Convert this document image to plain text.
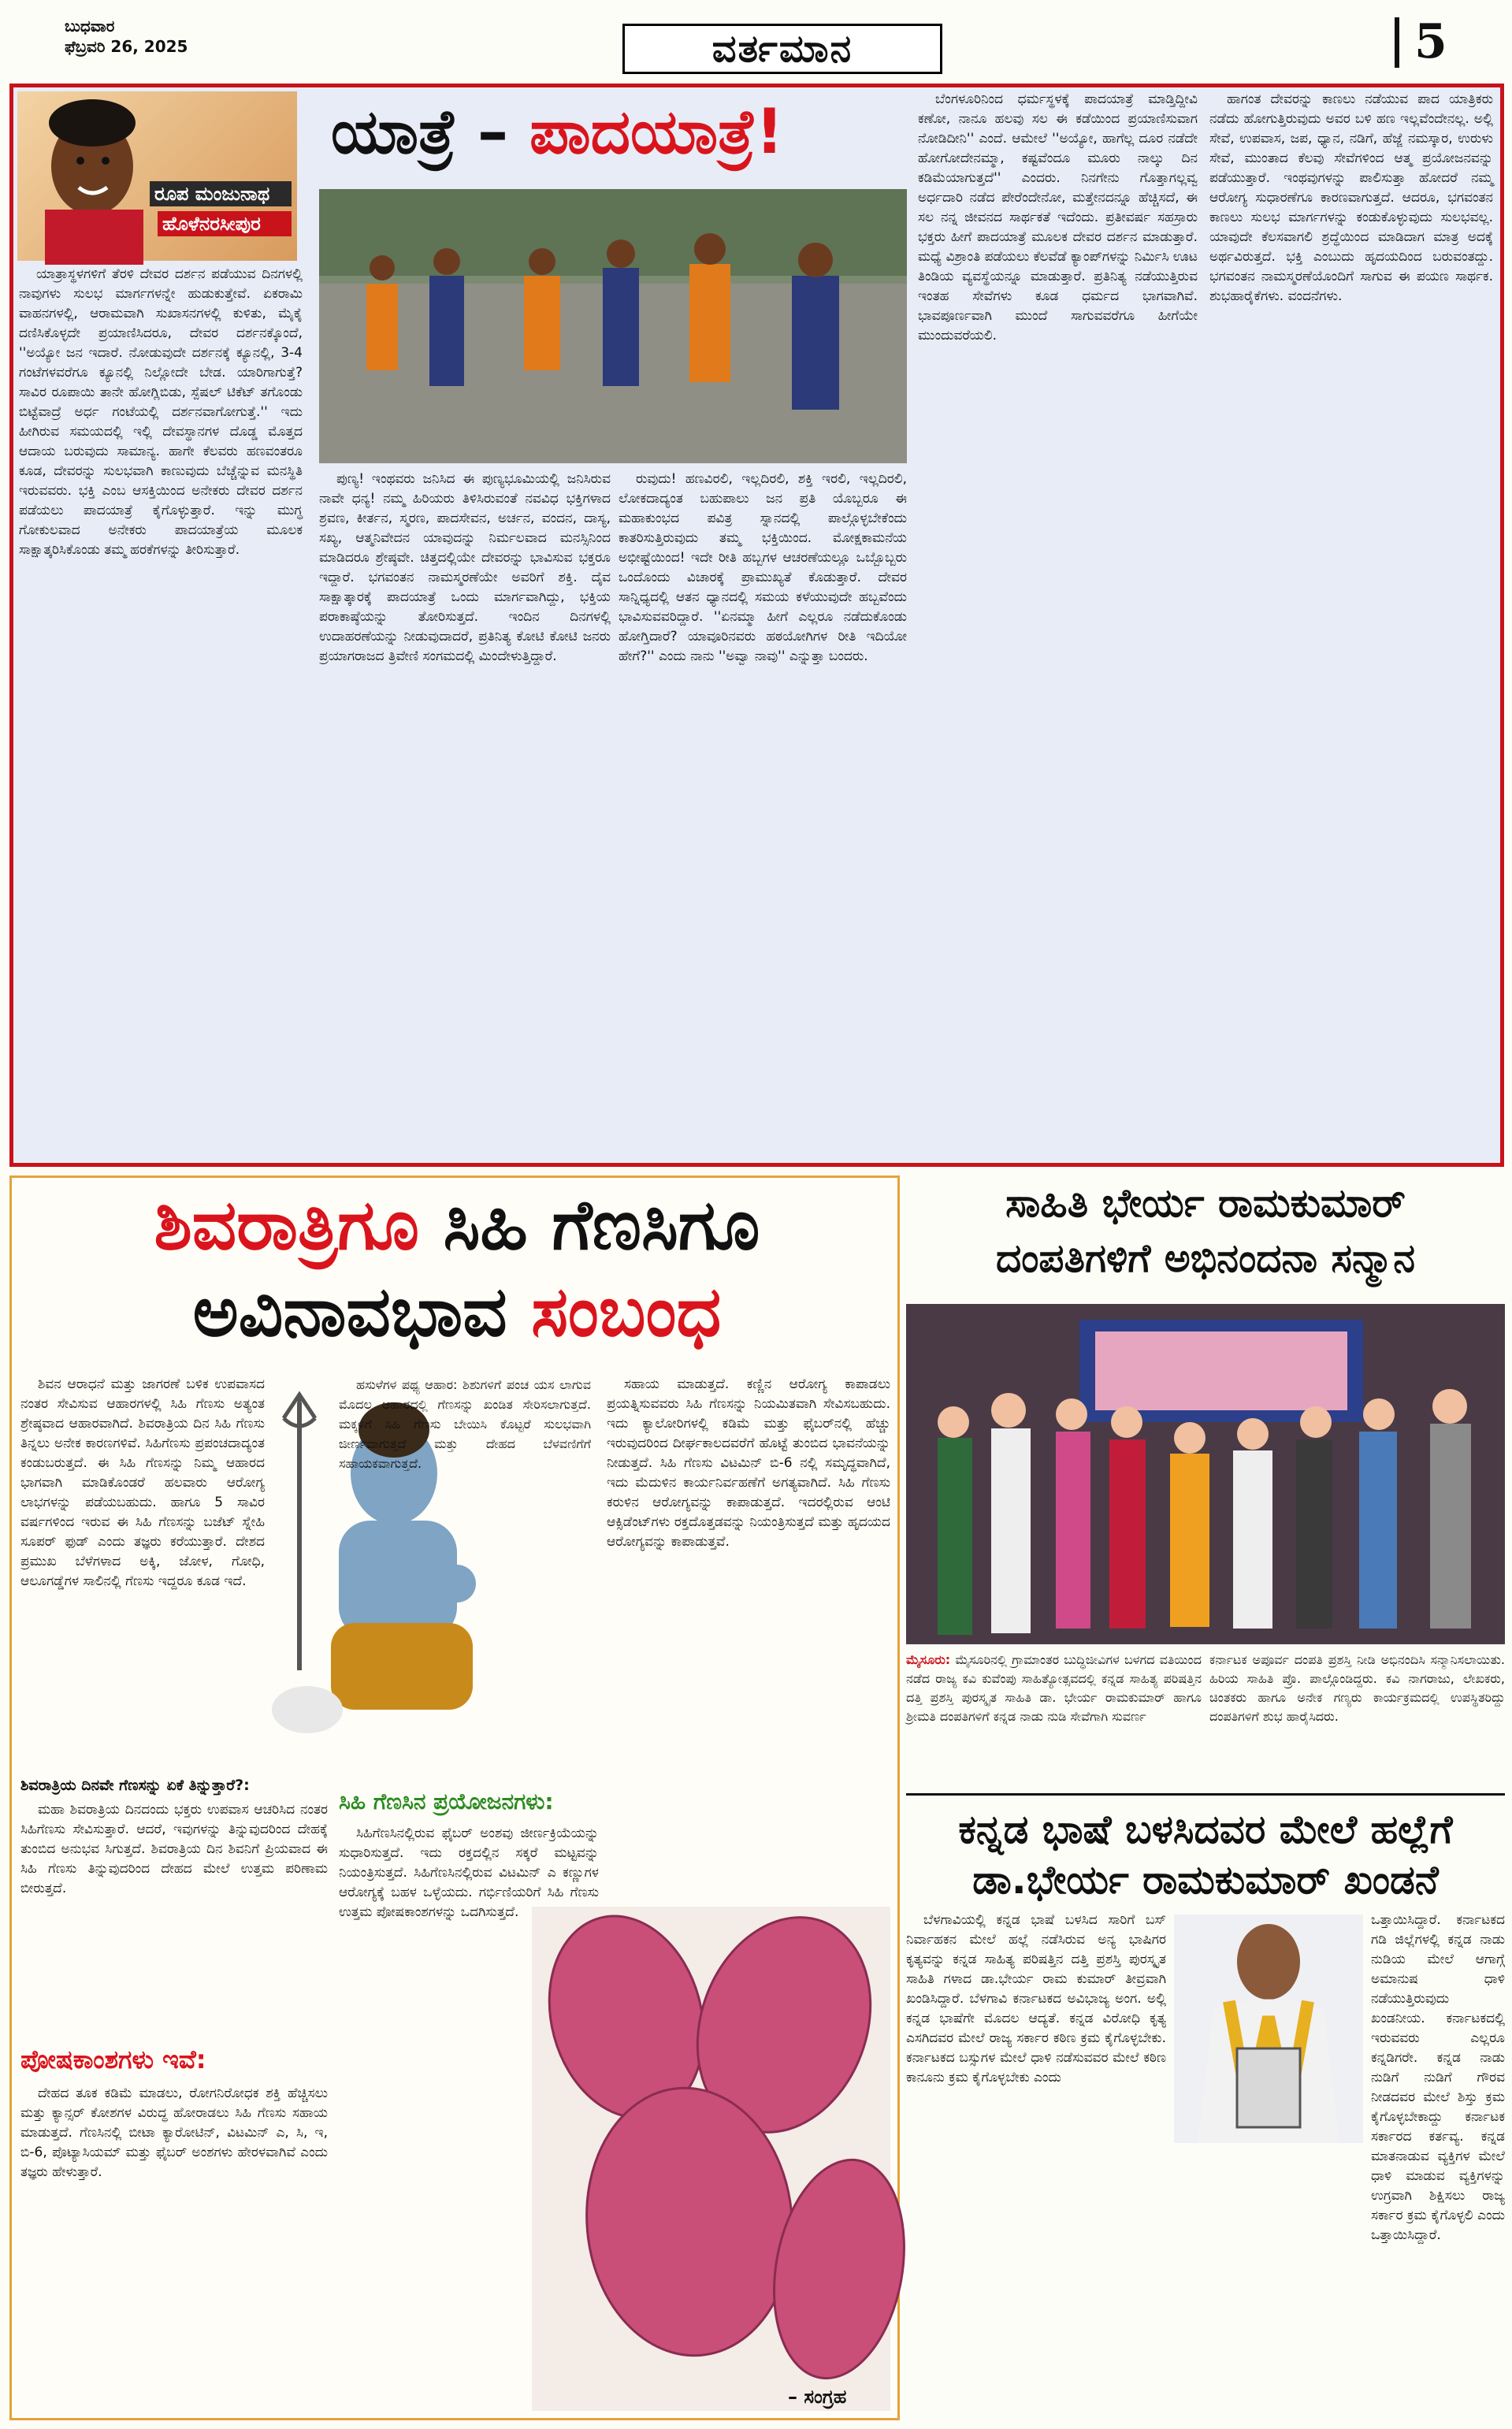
ಬುಧವಾರ
ಫೆಬ್ರವರಿ 26, 2025	ವರ್ತಮಾನ	5
ರೂಪ ಮಂಜುನಾಥ
ಹೊಳೆನರಸೀಪುರ
ಯಾತ್ರೆ – ಪಾದಯಾತ್ರೆ!

ಯಾತ್ರಾಸ್ಥಳಗಳಿಗೆ ತೆರಳಿ ದೇವರ ದರ್ಶನ ಪಡೆಯುವ ದಿನಗಳಲ್ಲಿ ನಾವುಗಳು ಸುಲಭ ಮಾರ್ಗಗಳನ್ನೇ ಹುಡುಕುತ್ತೇವೆ. ಏಕರಾಮಿ ವಾಹನಗಳಲ್ಲಿ, ಆರಾಮವಾಗಿ ಸುಖಾಸನಗಳಲ್ಲಿ ಕುಳಿತು, ಮೈಕೈ ದಣಿಸಿಕೊಳ್ಳದೇ ಪ್ರಯಾಣಿಸಿದರೂ, ದೇವರ ದರ್ಶನಕ್ಕೊಂದೆ, ''ಅಯ್ಯೋ ಜನ ಇದಾರೆ. ನೋಡುವುದೇ ದರ್ಶನಕ್ಕೆ ಕ್ಯೂನಲ್ಲಿ, 3-4 ಗಂಟೆಗಳವರೆಗೂ ಕ್ಯೂನಲ್ಲಿ ನಿಲ್ಲೋದೇ ಬೇಡ. ಯಾರಿಗಾಗುತ್ತೆ? ಸಾವಿರ ರೂಪಾಯಿ ತಾನೇ ಹೋಗ್ಲಿಬಿಡು, ಸ್ಪೆಷಲ್ ಟಿಕೆಟ್ ತಗೊಂಡು ಬಿಟ್ಟೆವಾದ್ರೆ ಅರ್ಧ ಗಂಟೆಯಲ್ಲಿ ದರ್ಶನವಾಗೋಗುತ್ತೆ.'' ಇದು ಹೀಗಿರುವ ಸಮಯದಲ್ಲಿ ಇಲ್ಲಿ ದೇವಸ್ಥಾನಗಳ ದೊಡ್ಡ ಮೊತ್ತದ ಆದಾಯ ಬರುವುದು ಸಾಮಾನ್ಯ. ಹಾಗೇ ಕೆಲವರು ಹಣವಂತರೂ ಕೂಡ, ದೇವರನ್ನು ಸುಲಭವಾಗಿ ಕಾಣುವುದು ಬೆಚ್ಚೆನ್ನುವ ಮನಸ್ಥಿತಿ ಇರುವವರು. ಭಕ್ತಿ ಎಂಬ ಆಸಕ್ತಿಯಿಂದ ಅನೇಕರು ದೇವರ ದರ್ಶನ ಪಡೆಯಲು ಪಾದಯಾತ್ರೆ ಕೈಗೊಳ್ಳುತ್ತಾರೆ. ಇನ್ನು ಮುಗ್ಧ ಗೋಕುಲವಾದ ಅನೇಕರು ಪಾದಯಾತ್ರೆಯ ಮೂಲಕ ಸಾಕ್ಷಾತ್ಕರಿಸಿಕೊಂಡು ತಮ್ಮ ಹರಕೆಗಳನ್ನು ತೀರಿಸುತ್ತಾರೆ.

ಪುಣ್ಯ! ಇಂಥವರು ಜನಿಸಿದ ಈ ಪುಣ್ಯಭೂಮಿಯಲ್ಲಿ ಜನಿಸಿರುವ ನಾವೇ ಧನ್ಯ! ನಮ್ಮ ಹಿರಿಯರು ತಿಳಿಸಿರುವಂತೆ ನವವಿಧ ಭಕ್ತಿಗಳಾದ ಶ್ರವಣ, ಕೀರ್ತನ, ಸ್ಮರಣ, ಪಾದಸೇವನ, ಅರ್ಚನ, ವಂದನ, ದಾಸ್ಯ, ಸಖ್ಯ, ಆತ್ಮನಿವೇದನ ಯಾವುದನ್ನು ನಿರ್ಮಲವಾದ ಮನಸ್ಸಿನಿಂದ ಮಾಡಿದರೂ ಶ್ರೇಷ್ಠವೇ. ಚಿತ್ತದಲ್ಲಿಯೇ ದೇವರನ್ನು ಭಾವಿಸುವ ಭಕ್ತರೂ ಇದ್ದಾರೆ. ಭಗವಂತನ ನಾಮಸ್ಮರಣೆಯೇ ಅವರಿಗೆ ಶಕ್ತಿ. ದೈವ ಸಾಕ್ಷಾತ್ಕಾರಕ್ಕೆ ಪಾದಯಾತ್ರೆ ಒಂದು ಮಾರ್ಗವಾಗಿದ್ದು, ಭಕ್ತಿಯ ಪರಾಕಾಷ್ಠೆಯನ್ನು ತೋರಿಸುತ್ತದೆ. ಇಂದಿನ ದಿನಗಳಲ್ಲಿ ಉದಾಹರಣೆಯನ್ನು ನೀಡುವುದಾದರೆ, ಪ್ರತಿನಿತ್ಯ ಕೋಟಿ ಕೋಟಿ ಜನರು ಪ್ರಯಾಗರಾಜದ ತ್ರಿವೇಣಿ ಸಂಗಮದಲ್ಲಿ ಮಿಂದೇಳುತ್ತಿದ್ದಾರೆ.

ರುವುದು! ಹಣವಿರಲಿ, ಇಲ್ಲದಿರಲಿ, ಶಕ್ತಿ ಇರಲಿ, ಇಲ್ಲದಿರಲಿ, ಲೋಕದಾದ್ಯಂತ ಬಹುಪಾಲು ಜನ ಪ್ರತಿ ಯೊಬ್ಬರೂ ಈ ಮಹಾಕುಂಭದ ಪವಿತ್ರ ಸ್ನಾನದಲ್ಲಿ ಪಾಲ್ಗೊಳ್ಳಬೇಕೆಂದು ಕಾತರಿಸುತ್ತಿರುವುದು ತಮ್ಮ ಭಕ್ತಿಯಿಂದ. ಮೋಕ್ಷಕಾಮನೆಯ ಅಭೀಷ್ಟೆಯಿಂದ! ಇದೇ ರೀತಿ ಹಬ್ಬಗಳ ಆಚರಣೆಯಲ್ಲೂ ಒಬ್ಬೊಬ್ಬರು ಒಂದೊಂದು ವಿಚಾರಕ್ಕೆ ಪ್ರಾಮುಖ್ಯತೆ ಕೊಡುತ್ತಾರೆ. ದೇವರ ಸಾನ್ನಿಧ್ಯದಲ್ಲಿ ಆತನ ಧ್ಯಾನದಲ್ಲಿ ಸಮಯ ಕಳೆಯುವುದೇ ಹಬ್ಬವೆಂದು ಭಾವಿಸುವವರಿದ್ದಾರೆ. ''ಏನಮ್ಮಾ ಹೀಗೆ ಎಲ್ಲರೂ ನಡೆದುಕೊಂಡು ಹೋಗ್ತಿದಾರೆ? ಯಾವೂರಿನವರು ಹಠಯೋಗಿಗಳ ರೀತಿ ಇದಿಯೋ ಹೇಗೆ?'' ಎಂದು ನಾನು ''ಅವ್ವಾ ನಾವು'' ಎನ್ನುತ್ತಾ ಬಂದರು.

ಬೆಂಗಳೂರಿನಿಂದ ಧರ್ಮಸ್ಥಳಕ್ಕೆ ಪಾದಯಾತ್ರೆ ಮಾಡ್ತಿದ್ದೀವಿ ಕಣೋ, ನಾನೂ ಹಲವು ಸಲ ಈ ಕಡೆಯಿಂದ ಪ್ರಯಾಣಿಸುವಾಗ ನೋಡಿದೀನಿ'' ಎಂದೆ. ಆಮೇಲೆ ''ಅಯ್ಯೋ, ಹಾಗೆಲ್ಲ ದೂರ ನಡೆದೇ ಹೋಗೋದೇನಮ್ಮಾ, ಕಷ್ಟವೆಂದೂ ಮೂರು ನಾಲ್ಕು ದಿನ ಕಡಿಮೆಯಾಗುತ್ತದೆ'' ಎಂದರು. ನಿನಗೇನು ಗೊತ್ತಾಗಲ್ಲವ್ವ ಅರ್ಧದಾರಿ ನಡೆದ ಪೇರೆಂದೇನೋ, ಮತ್ತೇನದನ್ನೂ ಹೆಚ್ಚಿಸದೆ, ಈ ಸಲ ನನ್ನ ಜೀವನದ ಸಾರ್ಥಕತೆ ಇದೆಂದು. ಪ್ರತೀವರ್ಷ ಸಹಸ್ರಾರು ಭಕ್ತರು ಹೀಗೆ ಪಾದಯಾತ್ರೆ ಮೂಲಕ ದೇವರ ದರ್ಶನ ಮಾಡುತ್ತಾರೆ. ಮಧ್ಯೆ ವಿಶ್ರಾಂತಿ ಪಡೆಯಲು ಕೆಲವೆಡೆ ಕ್ಯಾಂಪ್‌ಗಳನ್ನು ನಿರ್ಮಿಸಿ ಊಟ ತಿಂಡಿಯ ವ್ಯವಸ್ಥೆಯನ್ನೂ ಮಾಡುತ್ತಾರೆ. ಪ್ರತಿನಿತ್ಯ ನಡೆಯುತ್ತಿರುವ ಇಂತಹ ಸೇವೆಗಳು ಕೂಡ ಧರ್ಮದ ಭಾಗವಾಗಿವೆ. ಭಾವಪೂರ್ಣವಾಗಿ ಮುಂದೆ ಸಾಗುವವರೆಗೂ ಹೀಗೆಯೇ ಮುಂದುವರೆಯಲಿ.

ಹಾಗಂತ ದೇವರನ್ನು ಕಾಣಲು ನಡೆಯುವ ಪಾದ ಯಾತ್ರಿಕರು ನಡೆದು ಹೋಗುತ್ತಿರುವುದು ಅವರ ಬಳಿ ಹಣ ಇಲ್ಲವೆಂದೇನಲ್ಲ. ಅಲ್ಲಿ ಸೇವೆ, ಉಪವಾಸ, ಜಪ, ಧ್ಯಾನ, ನಡಿಗೆ, ಹೆಜ್ಜೆ ನಮಸ್ಕಾರ, ಉರುಳು ಸೇವೆ, ಮುಂತಾದ ಕೆಲವು ಸೇವೆಗಳಿಂದ ಆತ್ಮ ಪ್ರಯೋಜನವನ್ನು ಪಡೆಯುತ್ತಾರೆ. ಇಂಥವುಗಳನ್ನು ಪಾಲಿಸುತ್ತಾ ಹೋದರೆ ನಮ್ಮ ಆರೋಗ್ಯ ಸುಧಾರಣೆಗೂ ಕಾರಣವಾಗುತ್ತದೆ. ಆದರೂ, ಭಗವಂತನ ಕಾಣಲು ಸುಲಭ ಮಾರ್ಗಗಳನ್ನು ಕಂಡುಕೊಳ್ಳುವುದು ಸುಲಭವಲ್ಲ. ಯಾವುದೇ ಕೆಲಸವಾಗಲಿ ಶ್ರದ್ಧೆಯಿಂದ ಮಾಡಿದಾಗ ಮಾತ್ರ ಅದಕ್ಕೆ ಅರ್ಥವಿರುತ್ತದೆ. ಭಕ್ತಿ ಎಂಬುದು ಹೃದಯದಿಂದ ಬರುವಂತದ್ದು. ಭಗವಂತನ ನಾಮಸ್ಮರಣೆಯೊಂದಿಗೆ ಸಾಗುವ ಈ ಪಯಣ ಸಾರ್ಥಕ. ಶುಭಹಾರೈಕೆಗಳು. ವಂದನೆಗಳು.

ಶಿವರಾತ್ರಿಗೂ ಸಿಹಿ ಗೆಣಸಿಗೂ
ಅವಿನಾವಭಾವ ಸಂಬಂಧ

ಶಿವನ ಆರಾಧನೆ ಮತ್ತು ಜಾಗರಣೆ ಬಳಿಕ ಉಪವಾಸದ ನಂತರ ಸೇವಿಸುವ ಆಹಾರಗಳಲ್ಲಿ ಸಿಹಿ ಗೆಣಸು ಅತ್ಯಂತ ಶ್ರೇಷ್ಠವಾದ ಆಹಾರವಾಗಿದೆ. ಶಿವರಾತ್ರಿಯ ದಿನ ಸಿಹಿ ಗೆಣಸು ತಿನ್ನಲು ಅನೇಕ ಕಾರಣಗಳಿವೆ. ಸಿಹಿಗೆಣಸು ಪ್ರಪಂಚದಾದ್ಯಂತ ಕಂಡುಬರುತ್ತದೆ. ಈ ಸಿಹಿ ಗೆಣಸನ್ನು ನಿಮ್ಮ ಆಹಾರದ ಭಾಗವಾಗಿ ಮಾಡಿಕೊಂಡರೆ ಹಲವಾರು ಆರೋಗ್ಯ ಲಾಭಗಳನ್ನು ಪಡೆಯಬಹುದು. ಹಾಗೂ 5 ಸಾವಿರ ವರ್ಷಗಳಿಂದ ಇರುವ ಈ ಸಿಹಿ ಗೆಣಸನ್ನು ಬಜೆಟ್ ಸ್ನೇಹಿ ಸೂಪರ್ ಫುಡ್ ಎಂದು ತಜ್ಞರು ಕರೆಯುತ್ತಾರೆ. ದೇಶದ ಪ್ರಮುಖ ಬೆಳೆಗಳಾದ ಅಕ್ಕಿ, ಜೋಳ, ಗೋಧಿ, ಆಲೂಗಡ್ಡೆಗಳ ಸಾಲಿನಲ್ಲಿ ಗೆಣಸು ಇದ್ದರೂ ಕೂಡ ಇದೆ.

ಶಿವರಾತ್ರಿಯ ದಿನವೇ ಗೆಣಸನ್ನು ಏಕೆ ತಿನ್ನುತ್ತಾರೆ?:

ಮಹಾ ಶಿವರಾತ್ರಿಯ ದಿನದಂದು ಭಕ್ತರು ಉಪವಾಸ ಆಚರಿಸಿದ ನಂತರ ಸಿಹಿಗೆಣಸು ಸೇವಿಸುತ್ತಾರೆ. ಆದರೆ, ಇವುಗಳನ್ನು ತಿನ್ನುವುದರಿಂದ ದೇಹಕ್ಕೆ ತುಂಬಿದ ಅನುಭವ ಸಿಗುತ್ತದೆ. ಶಿವರಾತ್ರಿಯ ದಿನ ಶಿವನಿಗೆ ಪ್ರಿಯವಾದ ಈ ಸಿಹಿ ಗೆಣಸು ತಿನ್ನುವುದರಿಂದ ದೇಹದ ಮೇಲೆ ಉತ್ತಮ ಪರಿಣಾಮ ಬೀರುತ್ತದೆ.

ಪೋಷಕಾಂಶಗಳು ಇವೆ:

ದೇಹದ ತೂಕ ಕಡಿಮೆ ಮಾಡಲು, ರೋಗನಿರೋಧಕ ಶಕ್ತಿ ಹೆಚ್ಚಿಸಲು ಮತ್ತು ಕ್ಯಾನ್ಸರ್ ಕೋಶಗಳ ವಿರುದ್ಧ ಹೋರಾಡಲು ಸಿಹಿ ಗೆಣಸು ಸಹಾಯ ಮಾಡುತ್ತದೆ. ಗೆಣಸಿನಲ್ಲಿ ಬೀಟಾ ಕ್ಯಾರೋಟಿನ್, ವಿಟಮಿನ್ ಎ, ಸಿ, ಇ, ಬಿ-6, ಪೊಟ್ಯಾಸಿಯಮ್ ಮತ್ತು ಫೈಬರ್ ಅಂಶಗಳು ಹೇರಳವಾಗಿವೆ ಎಂದು ತಜ್ಞರು ಹೇಳುತ್ತಾರೆ.

ಹಸುಳೆಗಳ ಪಥ್ಯ ಆಹಾರ: ಶಿಶುಗಳಿಗೆ ಪಂಚ ಯಸ ಲಾಗುವ ಮೊದಲ ಆಹಾರದಲ್ಲಿ ಗೆಣಸನ್ನು ಖಂಡಿತ ಸೇರಿಸಲಾಗುತ್ತದೆ. ಮಕ್ಕಳಿಗೆ ಸಿಹಿ ಗೆಣಸು ಬೇಯಿಸಿ ಕೊಟ್ಟರೆ ಸುಲಭವಾಗಿ ಜೀರ್ಣವಾಗುತ್ತದೆ ಮತ್ತು ದೇಹದ ಬೆಳವಣಿಗೆಗೆ ಸಹಾಯಕವಾಗುತ್ತದೆ.

ಸಿಹಿ ಗೆಣಸಿನ ಪ್ರಯೋಜನಗಳು:

ಸಿಹಿಗೆಣಸಿನಲ್ಲಿರುವ ಫೈಬರ್ ಅಂಶವು ಜೀರ್ಣಕ್ರಿಯೆಯನ್ನು ಸುಧಾರಿಸುತ್ತದೆ. ಇದು ರಕ್ತದಲ್ಲಿನ ಸಕ್ಕರೆ ಮಟ್ಟವನ್ನು ನಿಯಂತ್ರಿಸುತ್ತದೆ. ಸಿಹಿಗೆಣಸಿನಲ್ಲಿರುವ ವಿಟಮಿನ್ ಎ ಕಣ್ಣುಗಳ ಆರೋಗ್ಯಕ್ಕೆ ಬಹಳ ಒಳ್ಳೆಯದು. ಗರ್ಭಿಣಿಯರಿಗೆ ಸಿಹಿ ಗೆಣಸು ಉತ್ತಮ ಪೋಷಕಾಂಶಗಳನ್ನು ಒದಗಿಸುತ್ತದೆ.

ಸಹಾಯ ಮಾಡುತ್ತದೆ. ಕಣ್ಣಿನ ಆರೋಗ್ಯ ಕಾಪಾಡಲು ಪ್ರಯತ್ನಿಸುವವರು ಸಿಹಿ ಗೆಣಸನ್ನು ನಿಯಮಿತವಾಗಿ ಸೇವಿಸಬಹುದು. ಇದು ಕ್ಯಾಲೋರಿಗಳಲ್ಲಿ ಕಡಿಮೆ ಮತ್ತು ಫೈಬರ್‌ನಲ್ಲಿ ಹೆಚ್ಚು ಇರುವುದರಿಂದ ದೀರ್ಘಕಾಲದವರೆಗೆ ಹೊಟ್ಟೆ ತುಂಬಿದ ಭಾವನೆಯನ್ನು ನೀಡುತ್ತದೆ. ಸಿಹಿ ಗೆಣಸು ವಿಟಮಿನ್ ಬಿ-6 ನಲ್ಲಿ ಸಮೃದ್ಧವಾಗಿದೆ, ಇದು ಮೆದುಳಿನ ಕಾರ್ಯನಿರ್ವಹಣೆಗೆ ಅಗತ್ಯವಾಗಿದೆ. ಸಿಹಿ ಗೆಣಸು ಕರುಳಿನ ಆರೋಗ್ಯವನ್ನು ಕಾಪಾಡುತ್ತದೆ. ಇದರಲ್ಲಿರುವ ಆಂಟಿ ಆಕ್ಸಿಡೆಂಟ್‌ಗಳು ರಕ್ತದೊತ್ತಡವನ್ನು ನಿಯಂತ್ರಿಸುತ್ತದೆ ಮತ್ತು ಹೃದಯದ ಆರೋಗ್ಯವನ್ನು ಕಾಪಾಡುತ್ತವೆ.

– ಸಂಗ್ರಹ
ಸಾಹಿತಿ ಭೇರ್ಯ ರಾಮಕುಮಾರ್
ದಂಪತಿಗಳಿಗೆ ಅಭಿನಂದನಾ ಸನ್ಮಾನ

ಮೈಸೂರು: ಮೈಸೂರಿನಲ್ಲಿ ಗ್ರಾಮಾಂತರ ಬುದ್ಧಿಜೀವಿಗಳ ಬಳಗದ ವತಿಯಿಂದ ನಡೆದ ರಾಜ್ಯ ಕವಿ ಕುವೆಂಪು ಸಾಹಿತ್ಯೋತ್ಸವದಲ್ಲಿ ಕನ್ನಡ ಸಾಹಿತ್ಯ ಪರಿಷತ್ತಿನ ದತ್ತಿ ಪ್ರಶಸ್ತಿ ಪುರಸ್ಕೃತ ಸಾಹಿತಿ ಡಾ. ಭೇರ್ಯ ರಾಮಕುಮಾರ್ ಹಾಗೂ ಶ್ರೀಮತಿ ದಂಪತಿಗಳಿಗೆ ಕನ್ನಡ ನಾಡು ನುಡಿ ಸೇವೆಗಾಗಿ ಸುವರ್ಣ

ಕರ್ನಾಟಕ ಅಪೂರ್ವ ದಂಪತಿ ಪ್ರಶಸ್ತಿ ನೀಡಿ ಅಭಿನಂದಿಸಿ ಸನ್ಮಾನಿಸಲಾಯಿತು. ಹಿರಿಯ ಸಾಹಿತಿ ಪ್ರೊ. ಪಾಲ್ಗೊಂಡಿದ್ದರು. ಕವಿ ನಾಗರಾಜು, ಲೇಖಕರು, ಚಿಂತಕರು ಹಾಗೂ ಅನೇಕ ಗಣ್ಯರು ಕಾರ್ಯಕ್ರಮದಲ್ಲಿ ಉಪಸ್ಥಿತರಿದ್ದು ದಂಪತಿಗಳಿಗೆ ಶುಭ ಹಾರೈಸಿದರು.

ಕನ್ನಡ ಭಾಷೆ ಬಳಸಿದವರ ಮೇಲೆ ಹಲ್ಲೆಗೆ
ಡಾ.ಭೇರ್ಯ ರಾಮಕುಮಾರ್ ಖಂಡನೆ

ಬೆಳಗಾವಿಯಲ್ಲಿ ಕನ್ನಡ ಭಾಷೆ ಬಳಸಿದ ಸಾರಿಗೆ ಬಸ್ ನಿರ್ವಾಹಕನ ಮೇಲೆ ಹಲ್ಲೆ ನಡೆಸಿರುವ ಅನ್ಯ ಭಾಷಿಗರ ಕೃತ್ಯವನ್ನು ಕನ್ನಡ ಸಾಹಿತ್ಯ ಪರಿಷತ್ತಿನ ದತ್ತಿ ಪ್ರಶಸ್ತಿ ಪುರಸ್ಕೃತ ಸಾಹಿತಿ ಗಳಾದ ಡಾ.ಭೇರ್ಯ ರಾಮ ಕುಮಾರ್ ತೀವ್ರವಾಗಿ ಖಂಡಿಸಿದ್ದಾರೆ. ಬೆಳಗಾವಿ ಕರ್ನಾಟಕದ ಅವಿಭಾಜ್ಯ ಅಂಗ. ಅಲ್ಲಿ ಕನ್ನಡ ಭಾಷೆಗೇ ಮೊದಲ ಆದ್ಯತೆ. ಕನ್ನಡ ವಿರೋಧಿ ಕೃತ್ಯ ಎಸಗಿದವರ ಮೇಲೆ ರಾಜ್ಯ ಸರ್ಕಾರ ಕಠಿಣ ಕ್ರಮ ಕೈಗೊಳ್ಳಬೇಕು. ಕರ್ನಾಟಕದ ಬಸ್ಸುಗಳ ಮೇಲೆ ಧಾಳಿ ನಡೆಸುವವರ ಮೇಲೆ ಕಠಿಣ ಕಾನೂನು ಕ್ರಮ ಕೈಗೊಳ್ಳಬೇಕು ಎಂದು

ಒತ್ತಾಯಿಸಿದ್ದಾರೆ. ಕರ್ನಾಟಕದ ಗಡಿ ಜಿಲ್ಲೆಗಳಲ್ಲಿ ಕನ್ನಡ ನಾಡು ನುಡಿಯ ಮೇಲೆ ಆಗಾಗ್ಗೆ ಅಮಾನುಷ ಧಾಳಿ ನಡೆಯುತ್ತಿರುವುದು ಖಂಡನೀಯ. ಕರ್ನಾಟಕದಲ್ಲಿ ಇರುವವರು ಎಲ್ಲರೂ ಕನ್ನಡಿಗರೇ. ಕನ್ನಡ ನಾಡು ನುಡಿಗೆ ನುಡಿಗೆ ಗೌರವ ನೀಡದವರ ಮೇಲೆ ಶಿಸ್ತು ಕ್ರಮ ಕೈಗೊಳ್ಳಬೇಕಾದ್ದು ಕರ್ನಾಟಕ ಸರ್ಕಾರದ ಕರ್ತವ್ಯ. ಕನ್ನಡ ಮಾತನಾಡುವ ವ್ಯಕ್ತಿಗಳ ಮೇಲೆ ಧಾಳಿ ಮಾಡುವ ವ್ಯಕ್ತಿಗಳನ್ನು ಉಗ್ರವಾಗಿ ಶಿಕ್ಷಿಸಲು ರಾಜ್ಯ ಸರ್ಕಾರ ಕ್ರಮ ಕೈಗೊಳ್ಳಲಿ ಎಂದು ಒತ್ತಾಯಿಸಿದ್ದಾರೆ.
